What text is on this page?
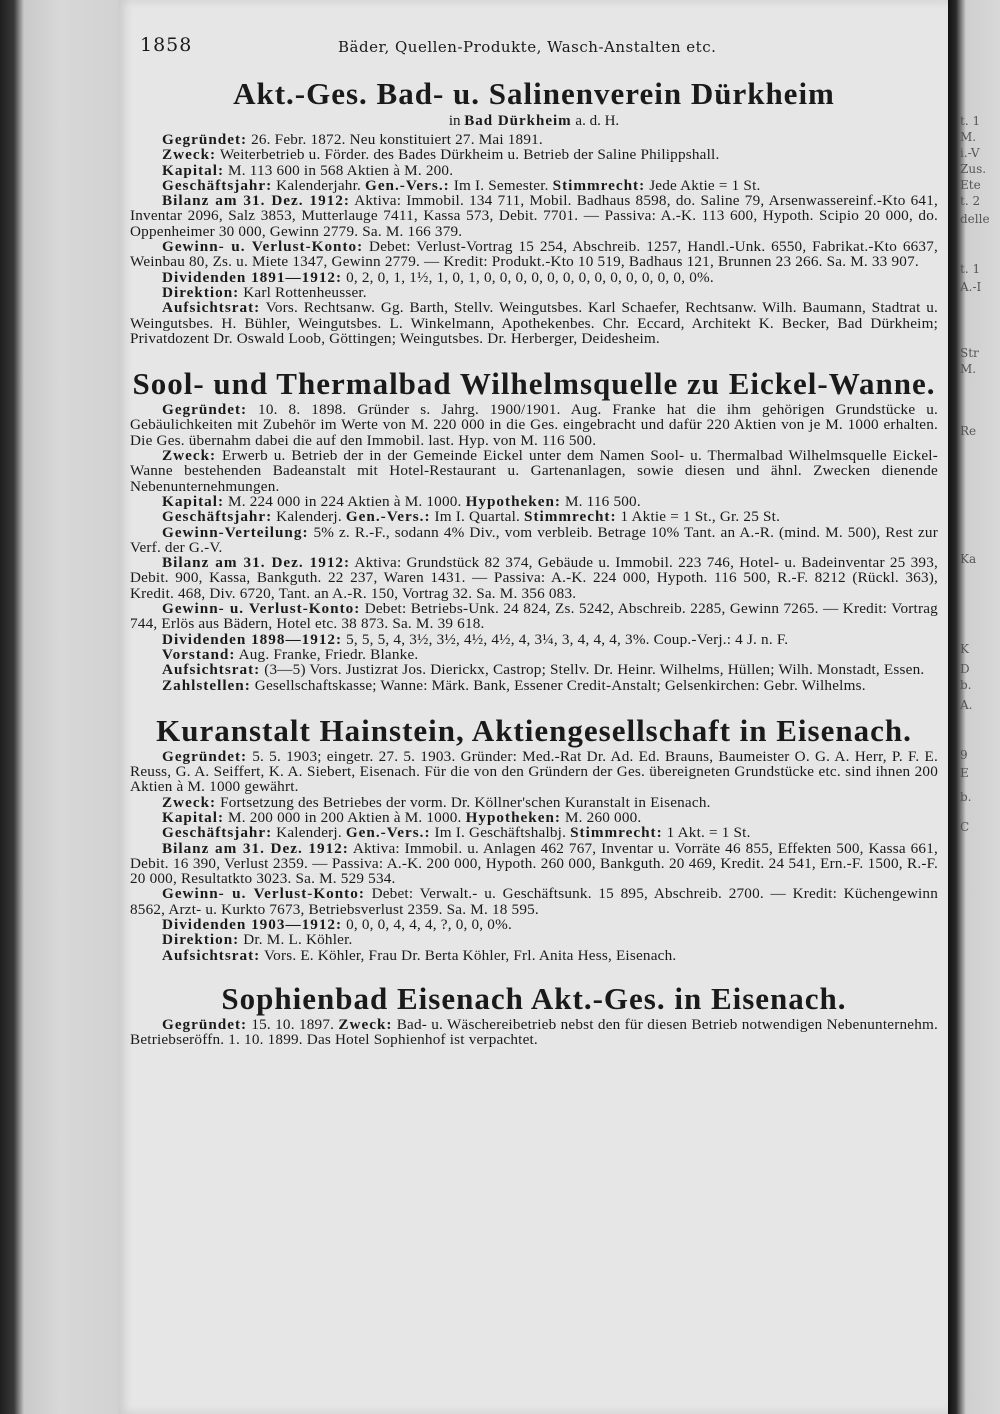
1858	Bäder, Quellen-Produkte, Wasch-Anstalten etc.
Akt.-Ges. Bad- u. Salinenverein Dürkheim
in Bad Dürkheim a. d. H.

Gegründet: 26. Febr. 1872. Neu konstituiert 27. Mai 1891.

Zweck: Weiterbetrieb u. Förder. des Bades Dürkheim u. Betrieb der Saline Philippshall.

Kapital: M. 113 600 in 568 Aktien à M. 200.

Geschäftsjahr: Kalenderjahr. Gen.-Vers.: Im I. Semester. Stimmrecht: Jede Aktie = 1 St.

Bilanz am 31. Dez. 1912: Aktiva: Immobil. 134 711, Mobil. Badhaus 8598, do. Saline 79, Arsenwassereinf.-Kto 641, Inventar 2096, Salz 3853, Mutterlauge 7411, Kassa 573, Debit. 7701. — Passiva: A.-K. 113 600, Hypoth. Scipio 20 000, do. Oppenheimer 30 000, Gewinn 2779. Sa. M. 166 379.

Gewinn- u. Verlust-Konto: Debet: Verlust-Vortrag 15 254, Abschreib. 1257, Handl.-Unk. 6550, Fabrikat.-Kto 6637, Weinbau 80, Zs. u. Miete 1347, Gewinn 2779. — Kredit: Produkt.-Kto 10 519, Badhaus 121, Brunnen 23 266. Sa. M. 33 907.

Dividenden 1891—1912: 0, 2, 0, 1, 1½, 1, 0, 1, 0, 0, 0, 0, 0, 0, 0, 0, 0, 0, 0, 0, 0, 0%.

Direktion: Karl Rottenheusser.

Aufsichtsrat: Vors. Rechtsanw. Gg. Barth, Stellv. Weingutsbes. Karl Schaefer, Rechtsanw. Wilh. Baumann, Stadtrat u. Weingutsbes. H. Bühler, Weingutsbes. L. Winkelmann, Apothekenbes. Chr. Eccard, Architekt K. Becker, Bad Dürkheim; Privatdozent Dr. Oswald Loob, Göttingen; Weingutsbes. Dr. Herberger, Deidesheim.

Sool- und Thermalbad Wilhelmsquelle zu Eickel-Wanne.

Gegründet: 10. 8. 1898. Gründer s. Jahrg. 1900/1901. Aug. Franke hat die ihm gehörigen Grundstücke u. Gebäulichkeiten mit Zubehör im Werte von M. 220 000 in die Ges. eingebracht und dafür 220 Aktien von je M. 1000 erhalten. Die Ges. übernahm dabei die auf den Immobil. last. Hyp. von M. 116 500.

Zweck: Erwerb u. Betrieb der in der Gemeinde Eickel unter dem Namen Sool- u. Thermalbad Wilhelmsquelle Eickel-Wanne bestehenden Badeanstalt mit Hotel-Restaurant u. Gartenanlagen, sowie diesen und ähnl. Zwecken dienende Nebenunternehmungen.

Kapital: M. 224 000 in 224 Aktien à M. 1000. Hypotheken: M. 116 500.

Geschäftsjahr: Kalenderj. Gen.-Vers.: Im I. Quartal. Stimmrecht: 1 Aktie = 1 St., Gr. 25 St.

Gewinn-Verteilung: 5% z. R.-F., sodann 4% Div., vom verbleib. Betrage 10% Tant. an A.-R. (mind. M. 500), Rest zur Verf. der G.-V.

Bilanz am 31. Dez. 1912: Aktiva: Grundstück 82 374, Gebäude u. Immobil. 223 746, Hotel- u. Badeinventar 25 393, Debit. 900, Kassa, Bankguth. 22 237, Waren 1431. — Passiva: A.-K. 224 000, Hypoth. 116 500, R.-F. 8212 (Rückl. 363), Kredit. 468, Div. 6720, Tant. an A.-R. 150, Vortrag 32. Sa. M. 356 083.

Gewinn- u. Verlust-Konto: Debet: Betriebs-Unk. 24 824, Zs. 5242, Abschreib. 2285, Gewinn 7265. — Kredit: Vortrag 744, Erlös aus Bädern, Hotel etc. 38 873. Sa. M. 39 618.

Dividenden 1898—1912: 5, 5, 5, 4, 3½, 3½, 4½, 4½, 4, 3¼, 3, 4, 4, 4, 3%. Coup.-Verj.: 4 J. n. F.

Vorstand: Aug. Franke, Friedr. Blanke.

Aufsichtsrat: (3—5) Vors. Justizrat Jos. Dierickx, Castrop; Stellv. Dr. Heinr. Wilhelms, Hüllen; Wilh. Monstadt, Essen.

Zahlstellen: Gesellschaftskasse; Wanne: Märk. Bank, Essener Credit-Anstalt; Gelsenkirchen: Gebr. Wilhelms.

Kuranstalt Hainstein, Aktiengesellschaft in Eisenach.

Gegründet: 5. 5. 1903; eingetr. 27. 5. 1903. Gründer: Med.-Rat Dr. Ad. Ed. Brauns, Baumeister O. G. A. Herr, P. F. E. Reuss, G. A. Seiffert, K. A. Siebert, Eisenach. Für die von den Gründern der Ges. übereigneten Grundstücke etc. sind ihnen 200 Aktien à M. 1000 gewährt.

Zweck: Fortsetzung des Betriebes der vorm. Dr. Köllner'schen Kuranstalt in Eisenach.

Kapital: M. 200 000 in 200 Aktien à M. 1000. Hypotheken: M. 260 000.

Geschäftsjahr: Kalenderj. Gen.-Vers.: Im I. Geschäftshalbj. Stimmrecht: 1 Akt. = 1 St.

Bilanz am 31. Dez. 1912: Aktiva: Immobil. u. Anlagen 462 767, Inventar u. Vorräte 46 855, Effekten 500, Kassa 661, Debit. 16 390, Verlust 2359. — Passiva: A.-K. 200 000, Hypoth. 260 000, Bankguth. 20 469, Kredit. 24 541, Ern.-F. 1500, R.-F. 20 000, Resultatkto 3023. Sa. M. 529 534.

Gewinn- u. Verlust-Konto: Debet: Verwalt.- u. Geschäftsunk. 15 895, Abschreib. 2700. — Kredit: Küchengewinn 8562, Arzt- u. Kurkto 7673, Betriebsverlust 2359. Sa. M. 18 595.

Dividenden 1903—1912: 0, 0, 0, 4, 4, 4, ?, 0, 0, 0%.

Direktion: Dr. M. L. Köhler.

Aufsichtsrat: Vors. E. Köhler, Frau Dr. Berta Köhler, Frl. Anita Hess, Eisenach.

Sophienbad Eisenach Akt.-Ges. in Eisenach.

Gegründet: 15. 10. 1897. Zweck: Bad- u. Wäschereibetrieb nebst den für diesen Betrieb notwendigen Nebenunternehm. Betriebseröffn. 1. 10. 1899. Das Hotel Sophienhof ist verpachtet.

t. 1
M.
i.-V
Zus.
Ete
t. 2
delle
t. 1
A.-I
Str
M.
Re
Ka
K
D
b.
A.
9
E
b.
C
